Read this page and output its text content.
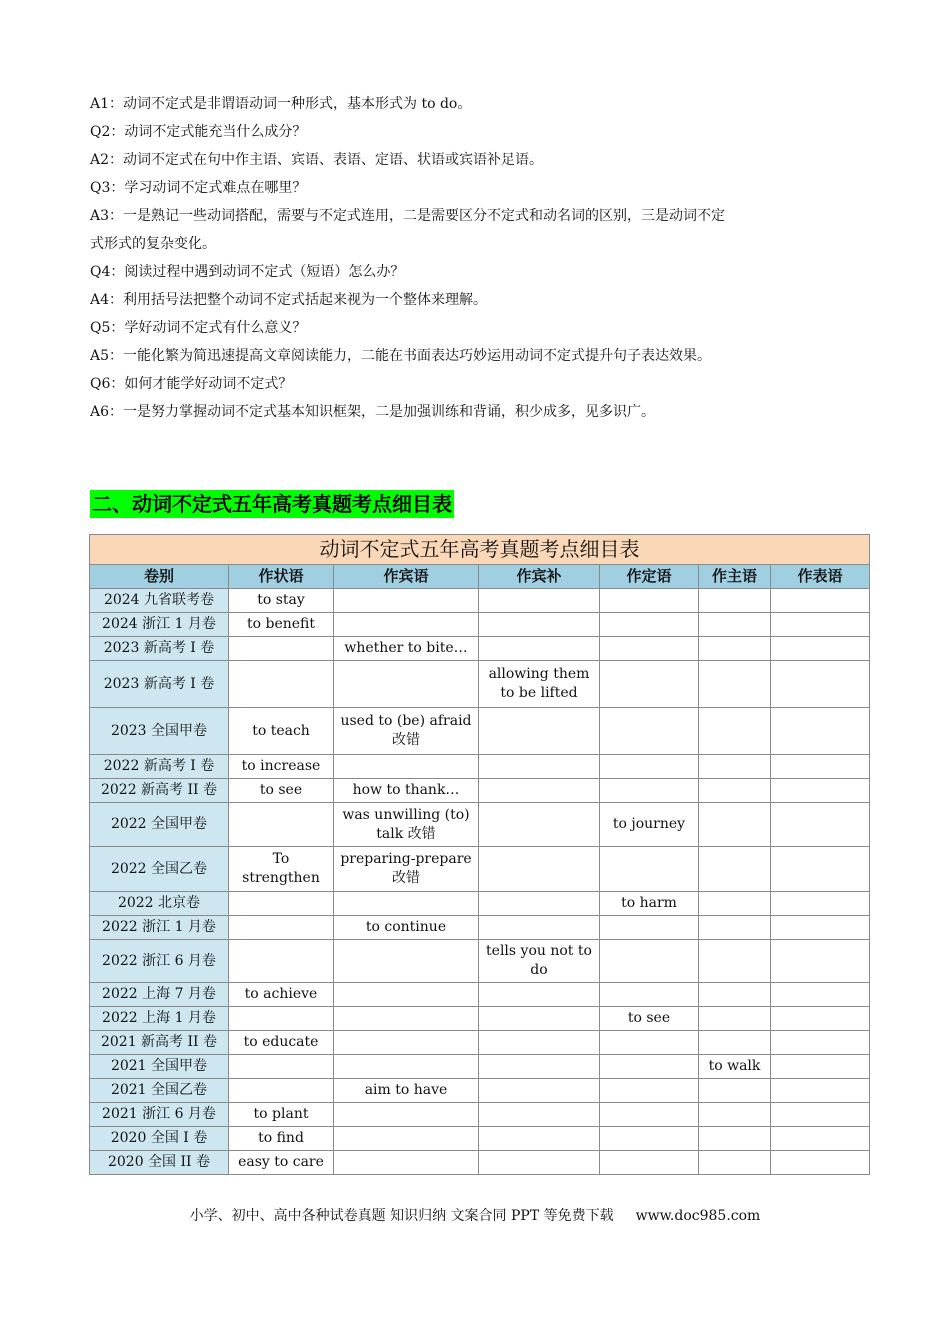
A1：动词不定式是非谓语动词一种形式，基本形式为 to do。

Q2：动词不定式能充当什么成分？

A2：动词不定式在句中作主语、宾语、表语、定语、状语或宾语补足语。

Q3：学习动词不定式难点在哪里？

A3：一是熟记一些动词搭配，需要与不定式连用，二是需要区分不定式和动名词的区别，三是动词不定

式形式的复杂变化。

Q4：阅读过程中遇到动词不定式（短语）怎么办？

A4：利用括号法把整个动词不定式括起来视为一个整体来理解。

Q5：学好动词不定式有什么意义？

A5：一能化繁为简迅速提高文章阅读能力，二能在书面表达巧妙运用动词不定式提升句子表达效果。

Q6：如何才能学好动词不定式？

A6：一是努力掌握动词不定式基本知识框架，二是加强训练和背诵，积少成多，见多识广。

二、动词不定式五年高考真题考点细目表
动词不定式五年高考真题考点细目表						
卷别	作状语	作宾语	作宾补	作定语	作主语	作表语
2024 九省联考卷	to stay					
2024 浙江 1 月卷	to benefit					
2023 新高考 I 卷		whether to bite…				
2023 新高考 I 卷			allowing them to be lifted			
2023 全国甲卷	to teach	used to (be) afraid 改错				
2022 新高考 I 卷	to increase					
2022 新高考 II 卷	to see	how to thank…				
2022 全国甲卷		was unwilling (to) talk 改错		to journey		
2022 全国乙卷	To strengthen	preparing-prepare 改错				
2022 北京卷				to harm		
2022 浙江 1 月卷		to continue				
2022 浙江 6 月卷			tells you not to do			
2022 上海 7 月卷	to achieve					
2022 上海 1 月卷				to see		
2021 新高考 II 卷	to educate					
2021 全国甲卷					to walk	
2021 全国乙卷		aim to have				
2021 浙江 6 月卷	to plant					
2020 全国 I 卷	to find					
2020 全国 II 卷	easy to care					
小学、初中、高中各种试卷真题 知识归纳 文案合同 PPT 等免费下载 www.doc985.com
